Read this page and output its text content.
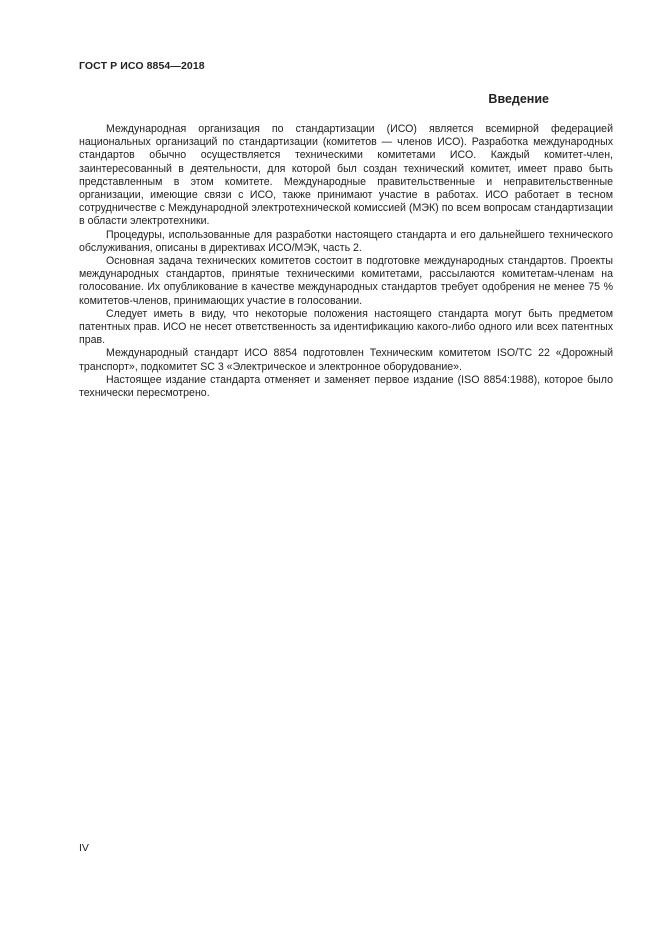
ГОСТ Р ИСО 8854—2018
Введение

Международная организация по стандартизации (ИСО) является всемирной федерацией национальных организаций по стандартизации (комитетов — членов ИСО). Разработка международных стандартов обычно осуществляется техническими комитетами ИСО. Каждый комитет-член, заинтересованный в деятельности, для которой был создан технический комитет, имеет право быть представленным в этом комитете. Международные правительственные и неправительственные организации, имеющие связи с ИСО, также принимают участие в работах. ИСО работает в тесном сотрудничестве с Международной электротехнической комиссией (МЭК) по всем вопросам стандартизации в области электротехники.

Процедуры, использованные для разработки настоящего стандарта и его дальнейшего технического обслуживания, описаны в директивах ИСО/МЭК, часть 2.

Основная задача технических комитетов состоит в подготовке международных стандартов. Проекты международных стандартов, принятые техническими комитетами, рассылаются комитетам-членам на голосование. Их опубликование в качестве международных стандартов требует одобрения не менее 75 % комитетов-членов, принимающих участие в голосовании.

Следует иметь в виду, что некоторые положения настоящего стандарта могут быть предметом патентных прав. ИСО не несет ответственность за идентификацию какого-либо одного или всех патентных прав.

Международный стандарт ИСО 8854 подготовлен Техническим комитетом ISO/TC 22 «Дорожный транспорт», подкомитет SC 3 «Электрическое и электронное оборудование».

Настоящее издание стандарта отменяет и заменяет первое издание (ISO 8854:1988), которое было технически пересмотрено.

IV
